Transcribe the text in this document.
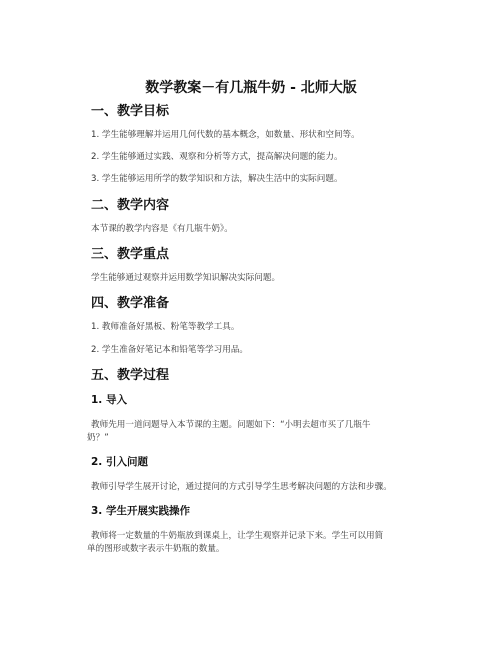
数学教案－有几瓶牛奶 - 北师大版
一、教学目标
1. 学生能够理解并运用几何代数的基本概念，如数量、形状和空间等。
2. 学生能够通过实践、观察和分析等方式，提高解决问题的能力。
3. 学生能够运用所学的数学知识和方法，解决生活中的实际问题。
二、教学内容
本节课的教学内容是《有几瓶牛奶》。
三、教学重点
学生能够通过观察并运用数学知识解决实际问题。
四、教学准备
1. 教师准备好黑板、粉笔等教学工具。
2. 学生准备好笔记本和铅笔等学习用品。
五、教学过程
1. 导入
教师先用一道问题导入本节课的主题。问题如下：“小明去超市买了几瓶牛
奶？”
2. 引入问题
教师引导学生展开讨论，通过提问的方式引导学生思考解决问题的方法和步骤。
3. 学生开展实践操作
教师将一定数量的牛奶瓶放到课桌上，让学生观察并记录下来。学生可以用简
单的图形或数字表示牛奶瓶的数量。
